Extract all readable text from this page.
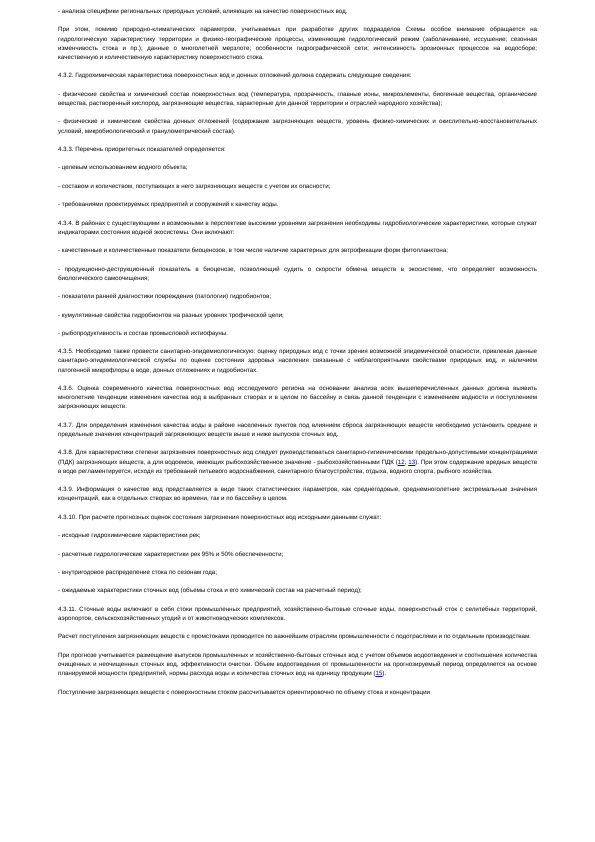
- анализа специфики региональных природных условий, влияющих на качество поверхностных вод.

При этом, помимо природно-климатических параметров, учитываемых при разработке других подразделов Схемы особое внимание обращается на гидрологическую характеристику территории и физико-географические процессы, изменяющие гидрологический режим (заболачивание, иссушение; сезонная изменчивость стока и пр.); данные о многолетней мерзлоте; особенности гидрографической сети; интенсивность эрозионных процессов на водосборе; качественную и количественную характеристику поверхностного стока.

4.3.2. Гидрохимическая характеристика поверхностных вод и донных отложений должна содержать следующие сведения:

- физические свойства и химический состав поверхностных вод (температура, прозрачность, главные ионы, микроэлементы, биогенные вещества, органические вещества, растворенный кислород, загрязняющие вещества, характерные для данной территории и отраслей народного хозяйства);

- физические и химические свойства донных отложений (содержание загрязняющих веществ, уровень физико-химических и окислительно-восстановительных условий, микробиологический и гранулометрический состав).

4.3.3. Перечень приоритетных показателей определяется:

- целевым использованием водного объекта;

- составом и количеством, поступающих в него загрязняющих веществ с учетом их опасности;

- требованиями проектируемых предприятий и сооружений к качеству воды.

4.3.4. В районах с существующими и возможными в перспективе высокими уровнями загрязнения необходимы гидробиологические характеристики, которые служат индикаторами состояния водной экосистемы. Они включают:

- качественные и количественные показатели биоценозов, в том числе наличие характерных для эвтрофикации форм фитопланктона;

- продукционно-деструкционный показатель в биоценозе, позволяющий судить о скорости обмена веществ в экосистеме, что определяет возможность биологического самоочищения;

- показатели ранней диагностики повреждения (патологии) гидробионтов;

- кумулятивные свойства гидробионтов на разных уровнях трофической цепи;

- рыбопродуктивность и состав промысловой ихтиофауны.

4.3.5. Необходимо также провести санитарно-эпидемиологическую: оценку природных вод с точки зрения возможной эпидемической опасности, привлекая данные санитарно-эпидемиологической службы по оценке состояния здоровья населения связанные с неблагоприятными свойствами природных вод, и наличием патогенной микрофлоры в воде, донных отложениях и гидробионтах.

4.3.6. Оценка современного качества поверхностных вод исследуемого региона на основании анализа всех вышеперечисленных данных должна выявить многолетние тенденции изменения качества вод в выбранных створах и в целом по бассейну и связь данной тенденции с изменением водности и поступлением загрязняющих веществ.

4.3.7. Для определения изменения качества воды в районе населенных пунктов под влиянием сброса загрязняющих веществ необходимо установить средние и предельные значения концентраций загрязняющих веществ выше и ниже выпусков сточных вод.

4.3.8. Для характеристики степени загрязнения поверхностных вод следует руководствоваться санитарно-гигиеническими предельно-допустимыми концентрациями (ПДК) загрязняющих веществ, а для водоемов, имеющих рыбохозяйственное значение - рыбохозяйственными ПДК (12, 13). При этом содержание вредных веществ в воде регламентируется, исходя из требований питьевого водоснабжения, санитарного благоустройства, отдыха, водного спорта, рыбного хозяйства.

4.3.9. Информация о качестве вод представляется в виде таких статистических параметров, как среднегодовые, среднемноголетние экстремальные значения концентраций, как в отдельных створах во времени, так и по бассейну в целом.

4.3.10. При расчете прогнозных оценок состояния загрязнения поверхностных вод исходными данными служат:

- исходные гидрохимические характеристики рек;

- расчетные гидрологические характеристики рек 95% и 50% обеспеченности;

- внутригодовое распределение стока по сезонам года;

- ожидаемые характеристики сточных вод (объемы стока и его химический состав на расчетный период);

4.3.11. Сточные воды включают в себя стоки промышленных предприятий, хозяйственно-бытовые сточные воды, поверхностный сток с селитебных территорий, аэропортов, сельскохозяйственных угодий и от животноводческих комплексов.

Расчет поступления загрязняющих веществ с промстоками проводится по важнейшим отраслям промышленности с подотраслями и по отдельным производствам.

При прогнозе учитывается размещение выпусков промышленных и хозяйственно-бытовых сточных вод с учетом объемов водоотведения и соотношения количества очищенных и неочищенных сточных вод, эффективности очистки. Объем водоотведения от промышленности на прогнозируемый период определяется на основе планируемой мощности предприятий, нормы расхода воды и количества сточных вод на единицу продукции (15).

Поступление загрязняющих веществ с поверхностным стоком рассчитывается ориентировочно по объему стока и концентрации
